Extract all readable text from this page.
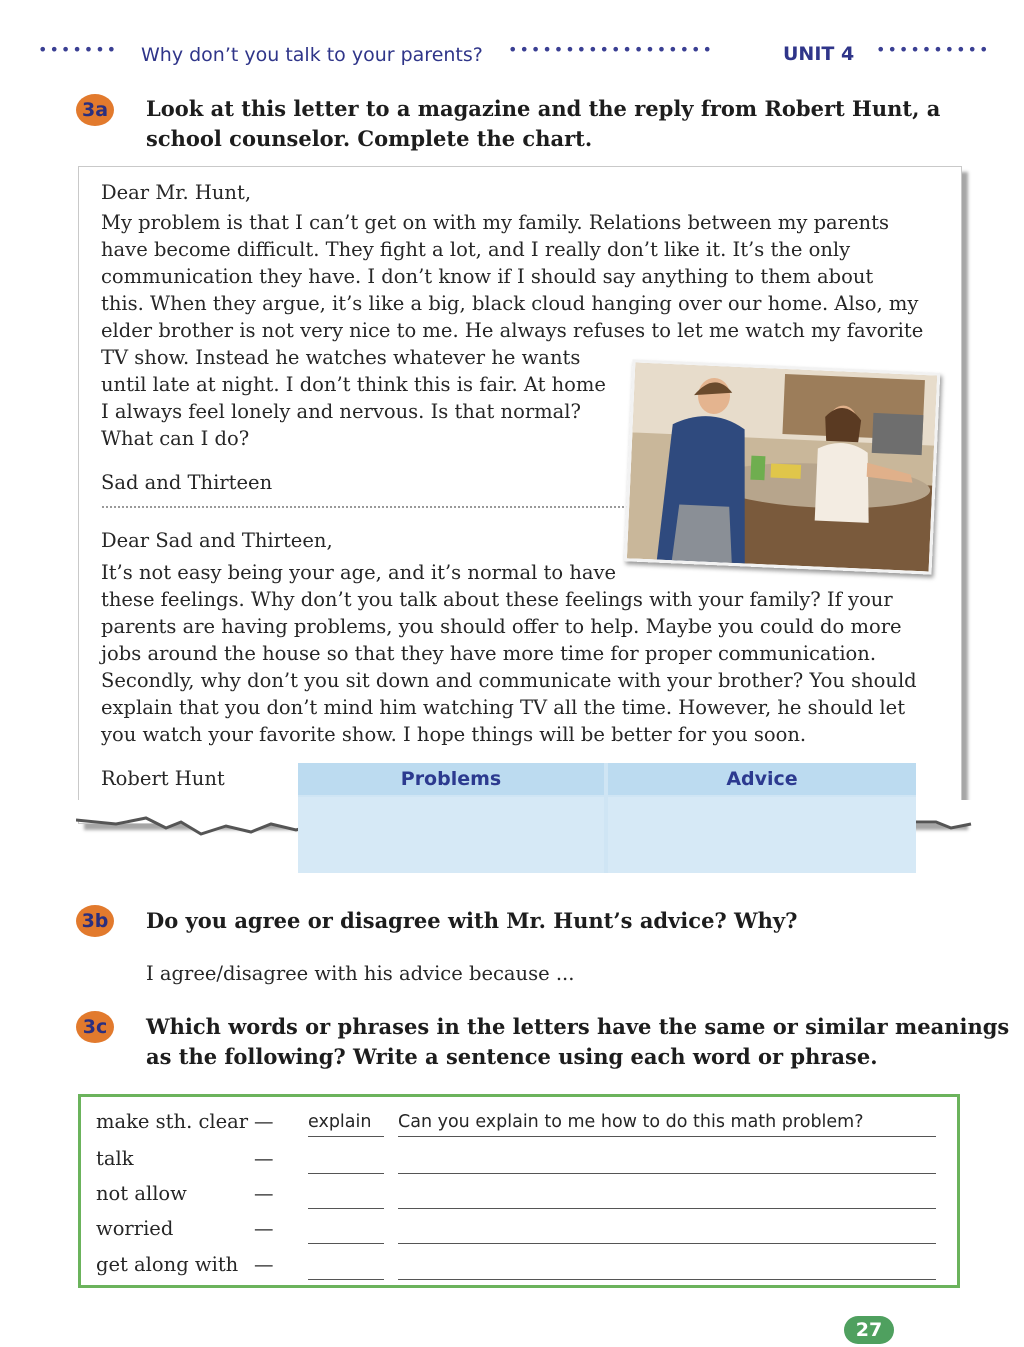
••••••• Why don’t you talk to your parents? ••••••••••••••••••	UNIT 4 ••••••••••
3a Look at this letter to a magazine and the reply from Robert Hunt, a
school counselor. Complete the chart.
Dear Mr. Hunt,
My problem is that I can’t get on with my family. Relations between my parents
have become difficult. They fight a lot, and I really don’t like it. It’s the only
communication they have. I don’t know if I should say anything to them about
this. When they argue, it’s like a big, black cloud hanging over our home. Also, my
elder brother is not very nice to me. He always refuses to let me watch my favorite
TV show. Instead he watches whatever he wants
until late at night. I don’t think this is fair. At home
I always feel lonely and nervous. Is that normal?
What can I do?
Sad and Thirteen
Dear Sad and Thirteen,
It’s not easy being your age, and it’s normal to have
these feelings. Why don’t you talk about these feelings with your family? If your
parents are having problems, you should offer to help. Maybe you could do more
jobs around the house so that they have more time for proper communication.
Secondly, why don’t you sit down and communicate with your brother? You should
explain that you don’t mind him watching TV all the time. However, he should let
you watch your favorite show. I hope things will be better for you soon.
Robert Hunt	Problems	Advice
3b Do you agree or disagree with Mr. Hunt’s advice? Why?
I agree/disagree with his advice because ...
3c	Which words or phrases in the letters have the same or similar meanings
as the following? Write a sentence using each word or phrase.
make sth. clear — explain	Can you explain to me how to do this math problem?
talk	—
not allow	—
worried	—
get along with —
27
